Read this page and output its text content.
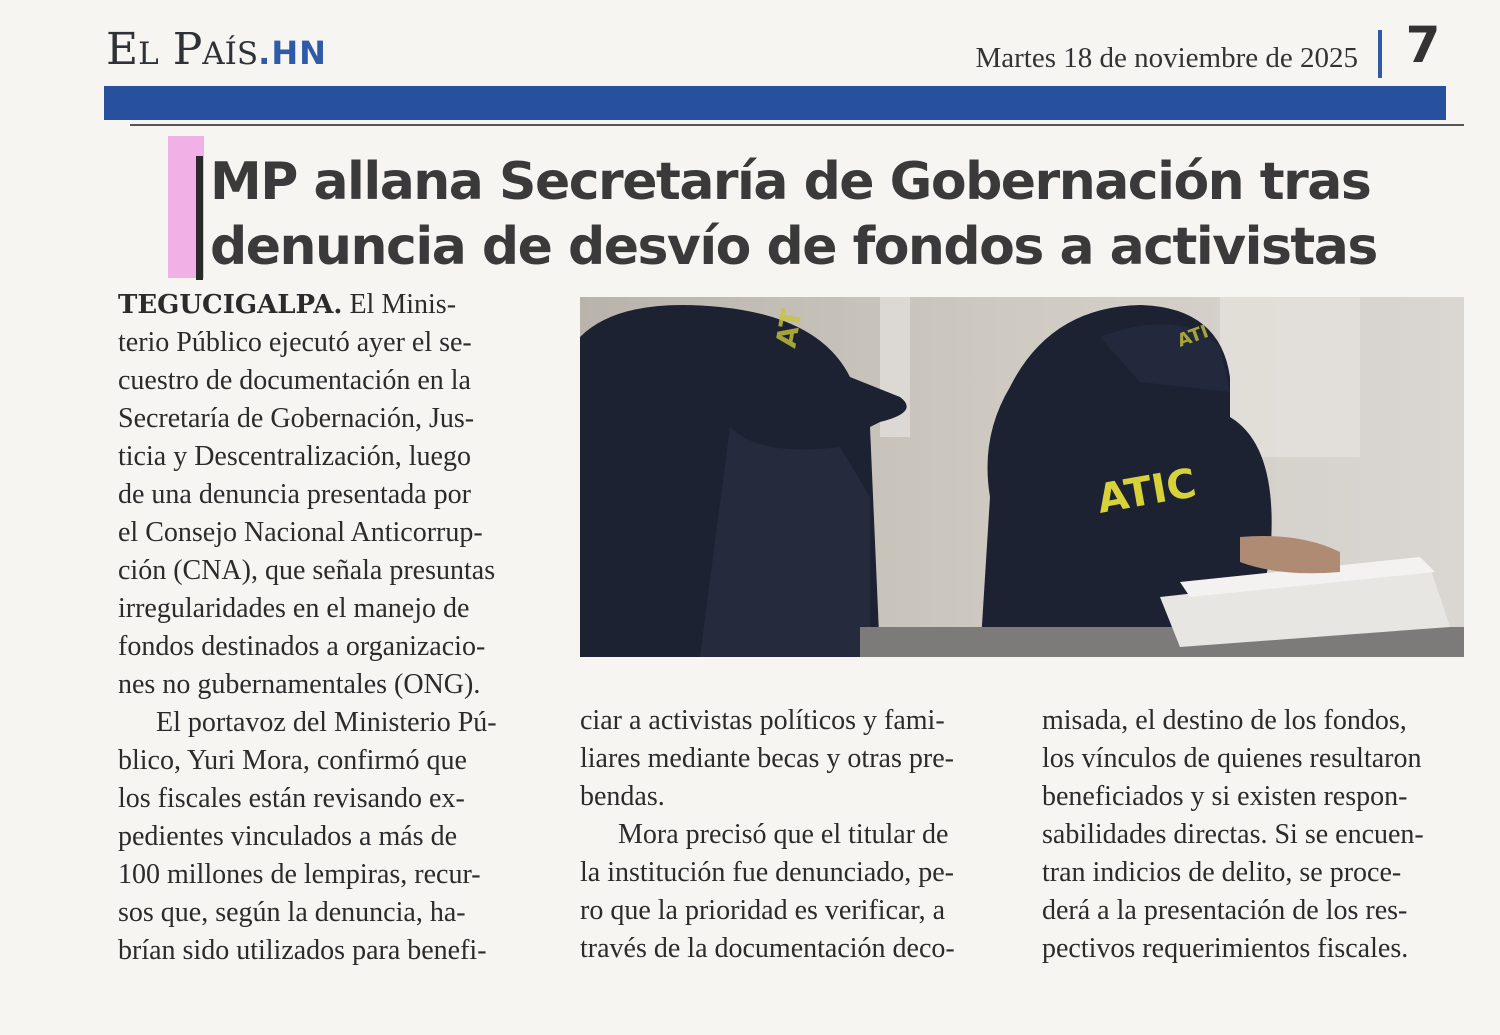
El País.HN	Martes 18 de noviembre de 2025 7
MP allana Secretaría de Gobernación tras
denuncia de desvío de fondos a activistas
ATIC
AT	ATI
TEGUCIGALPA. El Minis-
terio Público ejecutó ayer el se-
cuestro de documentación en la
Secretaría de Gobernación, Jus-
ticia y Descentralización, luego
de una denuncia presentada por
el Consejo Nacional Anticorrup-
ción (CNA), que señala presuntas
irregularidades en el manejo de
fondos destinados a organizacio-
nes no gubernamentales (ONG).
El portavoz del Ministerio Pú-
blico, Yuri Mora, confirmó que
los fiscales están revisando ex-
pedientes vinculados a más de
100 millones de lempiras, recur-
sos que, según la denuncia, ha-
brían sido utilizados para benefi-
ciar a activistas políticos y fami-
liares mediante becas y otras pre-
bendas.
Mora precisó que el titular de
la institución fue denunciado, pe-
ro que la prioridad es verificar, a
través de la documentación deco-
misada, el destino de los fondos,
los vínculos de quienes resultaron
beneficiados y si existen respon-
sabilidades directas. Si se encuen-
tran indicios de delito, se proce-
derá a la presentación de los res-
pectivos requerimientos fiscales.
